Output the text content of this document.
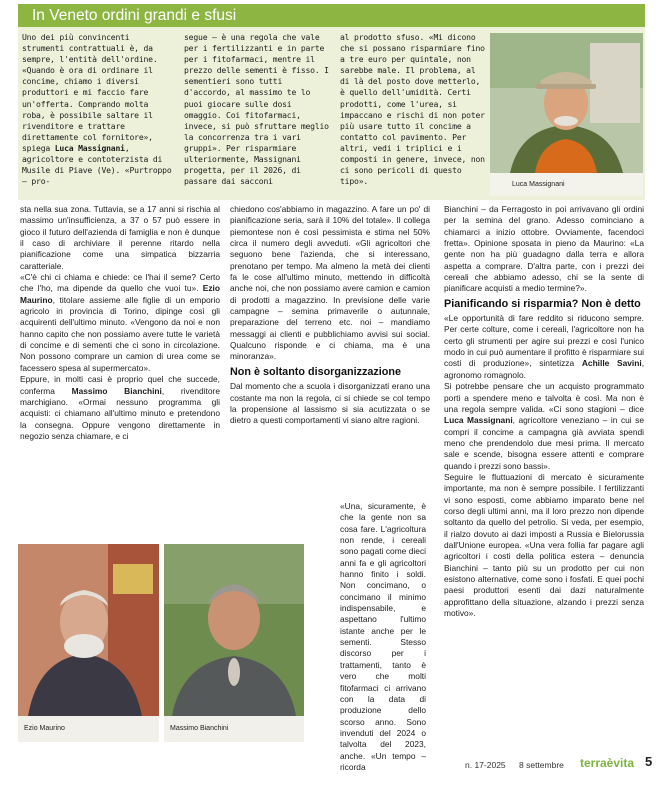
In Veneto ordini grandi e sfusi

Uno dei più convincenti strumenti contrattuali è, da sempre, l'entità dell'ordine. «Quando è ora di ordinare il concime, chiamo i diversi produttori e mi faccio fare un'offerta. Comprando molta roba, è possibile saltare il rivenditore e trattare direttamente col fornitore», spiega Luca Massignani, agricoltore e contoterzista di Musile di Piave (Ve). «Purtroppo – pro-

segue – è una regola che vale per i fertilizzanti e in parte per i fitofarmaci, mentre il prezzo delle sementi è fisso. I sementieri sono tutti d'accordo, al massimo te lo puoi giocare sulle dosi omaggio. Coi fitofarmaci, invece, si può sfruttare meglio la concorrenza tra i vari gruppi». Per risparmiare ulteriormente, Massignani progetta, per il 2026, di passare dai sacconi

al prodotto sfuso. «Mi dicono che si possano risparmiare fino a tre euro per quintale, non sarebbe male. Il problema, al di là del posto dove metterlo, è quello dell'umidità. Certi prodotti, come l'urea, si impaccano e rischi di non poter più usare tutto il concime a contatto col pavimento. Per altri, vedi i triplici e i composti in genere, invece, non ci sono pericoli di questo tipo».	Luca Massignani

sta nella sua zona. Tuttavia, se a 17 anni si rischia al massimo un'insufficienza, a 37 o 57 può essere in gioco il futuro dell'azienda di famiglia e non è dunque il caso di archiviare il perenne ritardo nella pianificazione come una simpatica bizzarria caratteriale.

«C'è chi ci chiama e chiede: ce l'hai il seme? Certo che l'ho, ma dipende da quello che vuoi tu». Ezio Maurino, titolare assieme alle figlie di un emporio agricolo in provincia di Torino, dipinge così gli acquirenti dell'ultimo minuto. «Vengono da noi e non hanno capito che non possiamo avere tutte le varietà di concime e di sementi che ci sono in circolazione. Non possono comprare un camion di urea come se facessero spesa al supermercato».

Eppure, in molti casi è proprio quel che succede, conferma Massimo Bianchini, rivenditore marchigiano. «Ormai nessuno programma gli acquisti: ci chiamano all'ultimo minuto e pretendono la consegna. Oppure vengono direttamente in negozio senza chiamare, e ci

chiedono cos'abbiamo in magazzino. A fare un po' di pianificazione seria, sarà il 10% del totale». Il collega piemontese non è così pessimista e stima nel 50% circa il numero degli avveduti. «Gli agricoltori che seguono bene l'azienda, che si interessano, prenotano per tempo. Ma almeno la metà dei clienti fa le cose all'ultimo minuto, mettendo in difficoltà anche noi, che non possiamo avere camion e camion di prodotti a magazzino. In previsione delle varie campagne – semina primaverile o autunnale, preparazione del terreno etc. noi – mandiamo messaggi ai clienti e pubblichiamo avvisi sui social. Qualcuno risponde e ci chiama, ma è una minoranza».

Non è soltanto disorganizzazione

Dal momento che a scuola i disorganizzati erano una costante ma non la regola, ci si chiede se col tempo la propensione al lassismo si sia acutizzata o se dietro a questi comportamenti vi siano altre ragioni.

«Una, sicuramente, è che la gente non sa cosa fare. L'agricoltura non rende, i cereali sono pagati come dieci anni fa e gli agricoltori hanno finito i soldi. Non concimano, o concimano il minimo indispensabile, e aspettano l'ultimo istante anche per le sementi. Stesso discorso per i trattamenti, tanto è vero che molti fitofarmaci ci arrivano con la data di produzione dello scorso anno. Sono invenduti del 2024 o talvolta del 2023, anche. «Un tempo – ricorda

Bianchini – da Ferragosto in poi arrivavano gli ordini per la semina del grano. Adesso cominciano a chiamarci a inizio ottobre. Ovviamente, facendoci fretta». Opinione sposata in pieno da Maurino: «La gente non ha più guadagno dalla terra e allora aspetta a comprare. D'altra parte, con i prezzi dei cereali che abbiamo adesso, chi se la sente di pianificare acquisti a medio termine?».

Pianificando si risparmia? Non è detto

«Le opportunità di fare reddito si riducono sempre. Per certe colture, come i cereali, l'agricoltore non ha certo gli strumenti per agire sui prezzi e così l'unico modo in cui può aumentare il profitto è risparmiare sui costi di produzione», sintetizza Achille Savini, agronomo romagnolo.

Si potrebbe pensare che un acquisto programmato porti a spendere meno e talvolta è così. Ma non è una regola sempre valida. «Ci sono stagioni – dice Luca Massignani, agricoltore veneziano – in cui se compri il concime a campagna già avviata spendi meno che prendendolo due mesi prima. Il mercato sale e scende, bisogna essere attenti e comprare quando i prezzi sono bassi».

Seguire le fluttuazioni di mercato è sicuramente importante, ma non è sempre possibile. I fertilizzanti vi sono esposti, come abbiamo imparato bene nel corso degli ultimi anni, ma il loro prezzo non dipende soltanto da quello del petrolio. Si veda, per esempio, il rialzo dovuto ai dazi imposti a Russia e Bielorussia dall'Unione europea. «Una vera follia far pagare agli agricoltori i costi della politica estera – denuncia Bianchini – tanto più su un prodotto per cui non esistono alternative, come sono i fosfati. E quei pochi paesi produttori esenti dai dazi naturalmente approfittano della situazione, alzando i prezzi senza motivo».

Ezio Maurino	Massimo Bianchini
n. 17-2025 8 settembre terraèvita 5
